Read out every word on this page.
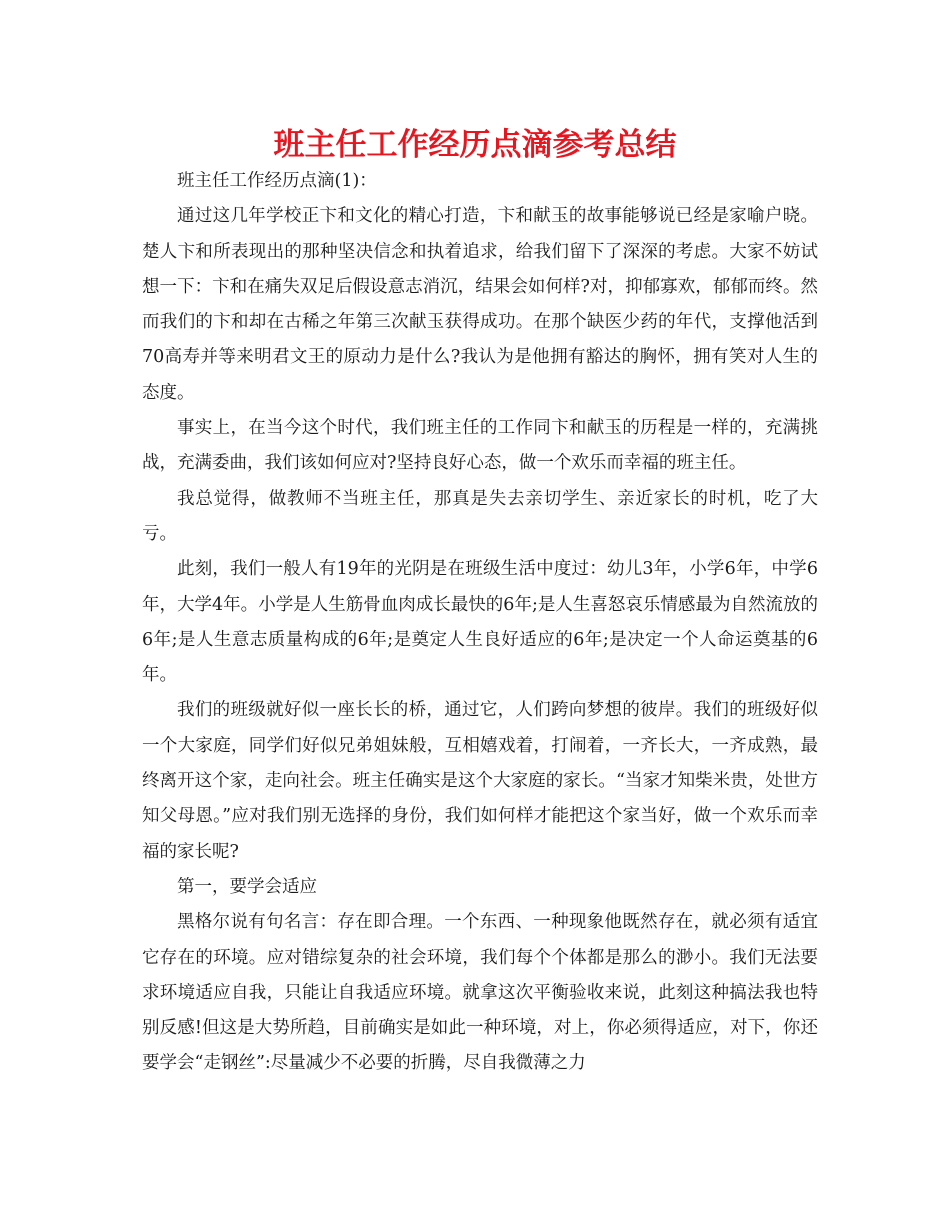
班主任工作经历点滴参考总结

班主任工作经历点滴(1)：

通过这几年学校正卞和文化的精心打造，卞和献玉的故事能够说已经是家喻户晓。楚人卞和所表现出的那种坚决信念和执着追求，给我们留下了深深的考虑。大家不妨试想一下：卞和在痛失双足后假设意志消沉，结果会如何样?对，抑郁寡欢，郁郁而终。然而我们的卞和却在古稀之年第三次献玉获得成功。在那个缺医少药的年代，支撑他活到70高寿并等来明君文王的原动力是什么?我认为是他拥有豁达的胸怀，拥有笑对人生的态度。

事实上，在当今这个时代，我们班主任的工作同卞和献玉的历程是一样的，充满挑战，充满委曲，我们该如何应对?坚持良好心态，做一个欢乐而幸福的班主任。

我总觉得，做教师不当班主任，那真是失去亲切学生、亲近家长的时机，吃了大亏。

此刻，我们一般人有19年的光阴是在班级生活中度过：幼儿3年，小学6年，中学6年，大学4年。小学是人生筋骨血肉成长最快的6年;是人生喜怒哀乐情感最为自然流放的6年;是人生意志质量构成的6年;是奠定人生良好适应的6年;是决定一个人命运奠基的6年。

我们的班级就好似一座长长的桥，通过它，人们跨向梦想的彼岸。我们的班级好似一个大家庭，同学们好似兄弟姐妹般，互相嬉戏着，打闹着，一齐长大，一齐成熟，最终离开这个家，走向社会。班主任确实是这个大家庭的家长。“当家才知柴米贵，处世方知父母恩。”应对我们别无选择的身份，我们如何样才能把这个家当好，做一个欢乐而幸福的家长呢?

第一，要学会适应

黑格尔说有句名言：存在即合理。一个东西、一种现象他既然存在，就必须有适宜它存在的环境。应对错综复杂的社会环境，我们每个个体都是那么的渺小。我们无法要求环境适应自我，只能让自我适应环境。就拿这次平衡验收来说，此刻这种搞法我也特别反感!但这是大势所趋，目前确实是如此一种环境，对上，你必须得适应，对下，你还要学会“走钢丝”:尽量减少不必要的折腾，尽自我微薄之力
